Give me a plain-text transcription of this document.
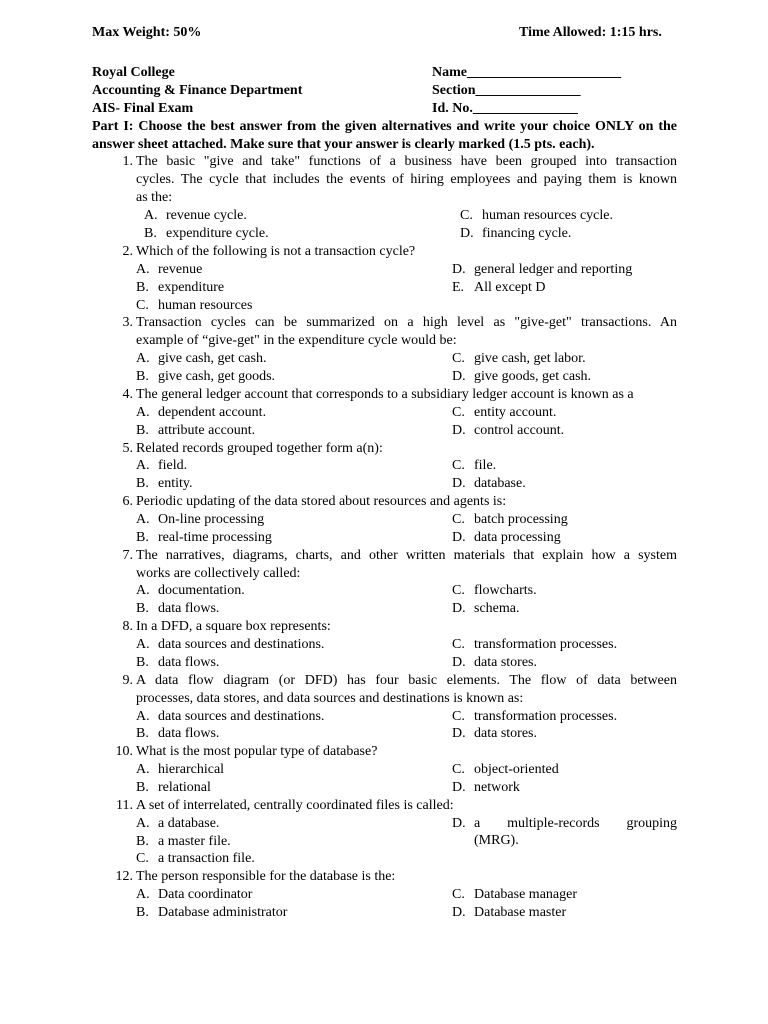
Max Weight: 50%	Time Allowed: 1:15 hrs.
Royal College	Name______________________
Accounting & Finance Department	Section_______________
AIS- Final Exam	Id. No._______________
Part I: Choose the best answer from the given alternatives and write your choice ONLY on the
answer sheet attached. Make sure that your answer is clearly marked (1.5 pts. each).
1. The basic "give and take" functions of a business have been grouped into transaction
cycles. The cycle that includes the events of hiring employees and paying them is known
as the:
A. revenue cycle.	C. human resources cycle.
B. expenditure cycle.	D. financing cycle.
2. Which of the following is not a transaction cycle?
A. revenue	D. general ledger and reporting
B. expenditure	E. All except D
C. human resources
3. Transaction cycles can be summarized on a high level as "give-get" transactions. An
example of “give-get" in the expenditure cycle would be:
A. give cash, get cash.	C. give cash, get labor.
B. give cash, get goods.	D. give goods, get cash.
4. The general ledger account that corresponds to a subsidiary ledger account is known as a
A. dependent account.	C. entity account.
B. attribute account.	D. control account.
5. Related records grouped together form a(n):
A. field.	C. file.
B. entity.	D. database.
6. Periodic updating of the data stored about resources and agents is:
A. On-line processing	C. batch processing
B. real-time processing	D. data processing
7. The narratives, diagrams, charts, and other written materials that explain how a system
works are collectively called:
A. documentation.	C. flowcharts.
B. data flows.	D. schema.
8. In a DFD, a square box represents:
A. data sources and destinations.	C. transformation processes.
B. data flows.	D. data stores.
9. A data flow diagram (or DFD) has four basic elements. The flow of data between
processes, data stores, and data sources and destinations is known as:
A. data sources and destinations.	C. transformation processes.
B. data flows.	D. data stores.
10. What is the most popular type of database?
A. hierarchical	C. object-oriented
B. relational	D. network
11. A set of interrelated, centrally coordinated files is called:
A. a database.	D. a multiple-records grouping (MRG).
B. a master file.
C. a transaction file.
12. The person responsible for the database is the:
A. Data coordinator	C. Database manager
B. Database administrator	D. Database master
